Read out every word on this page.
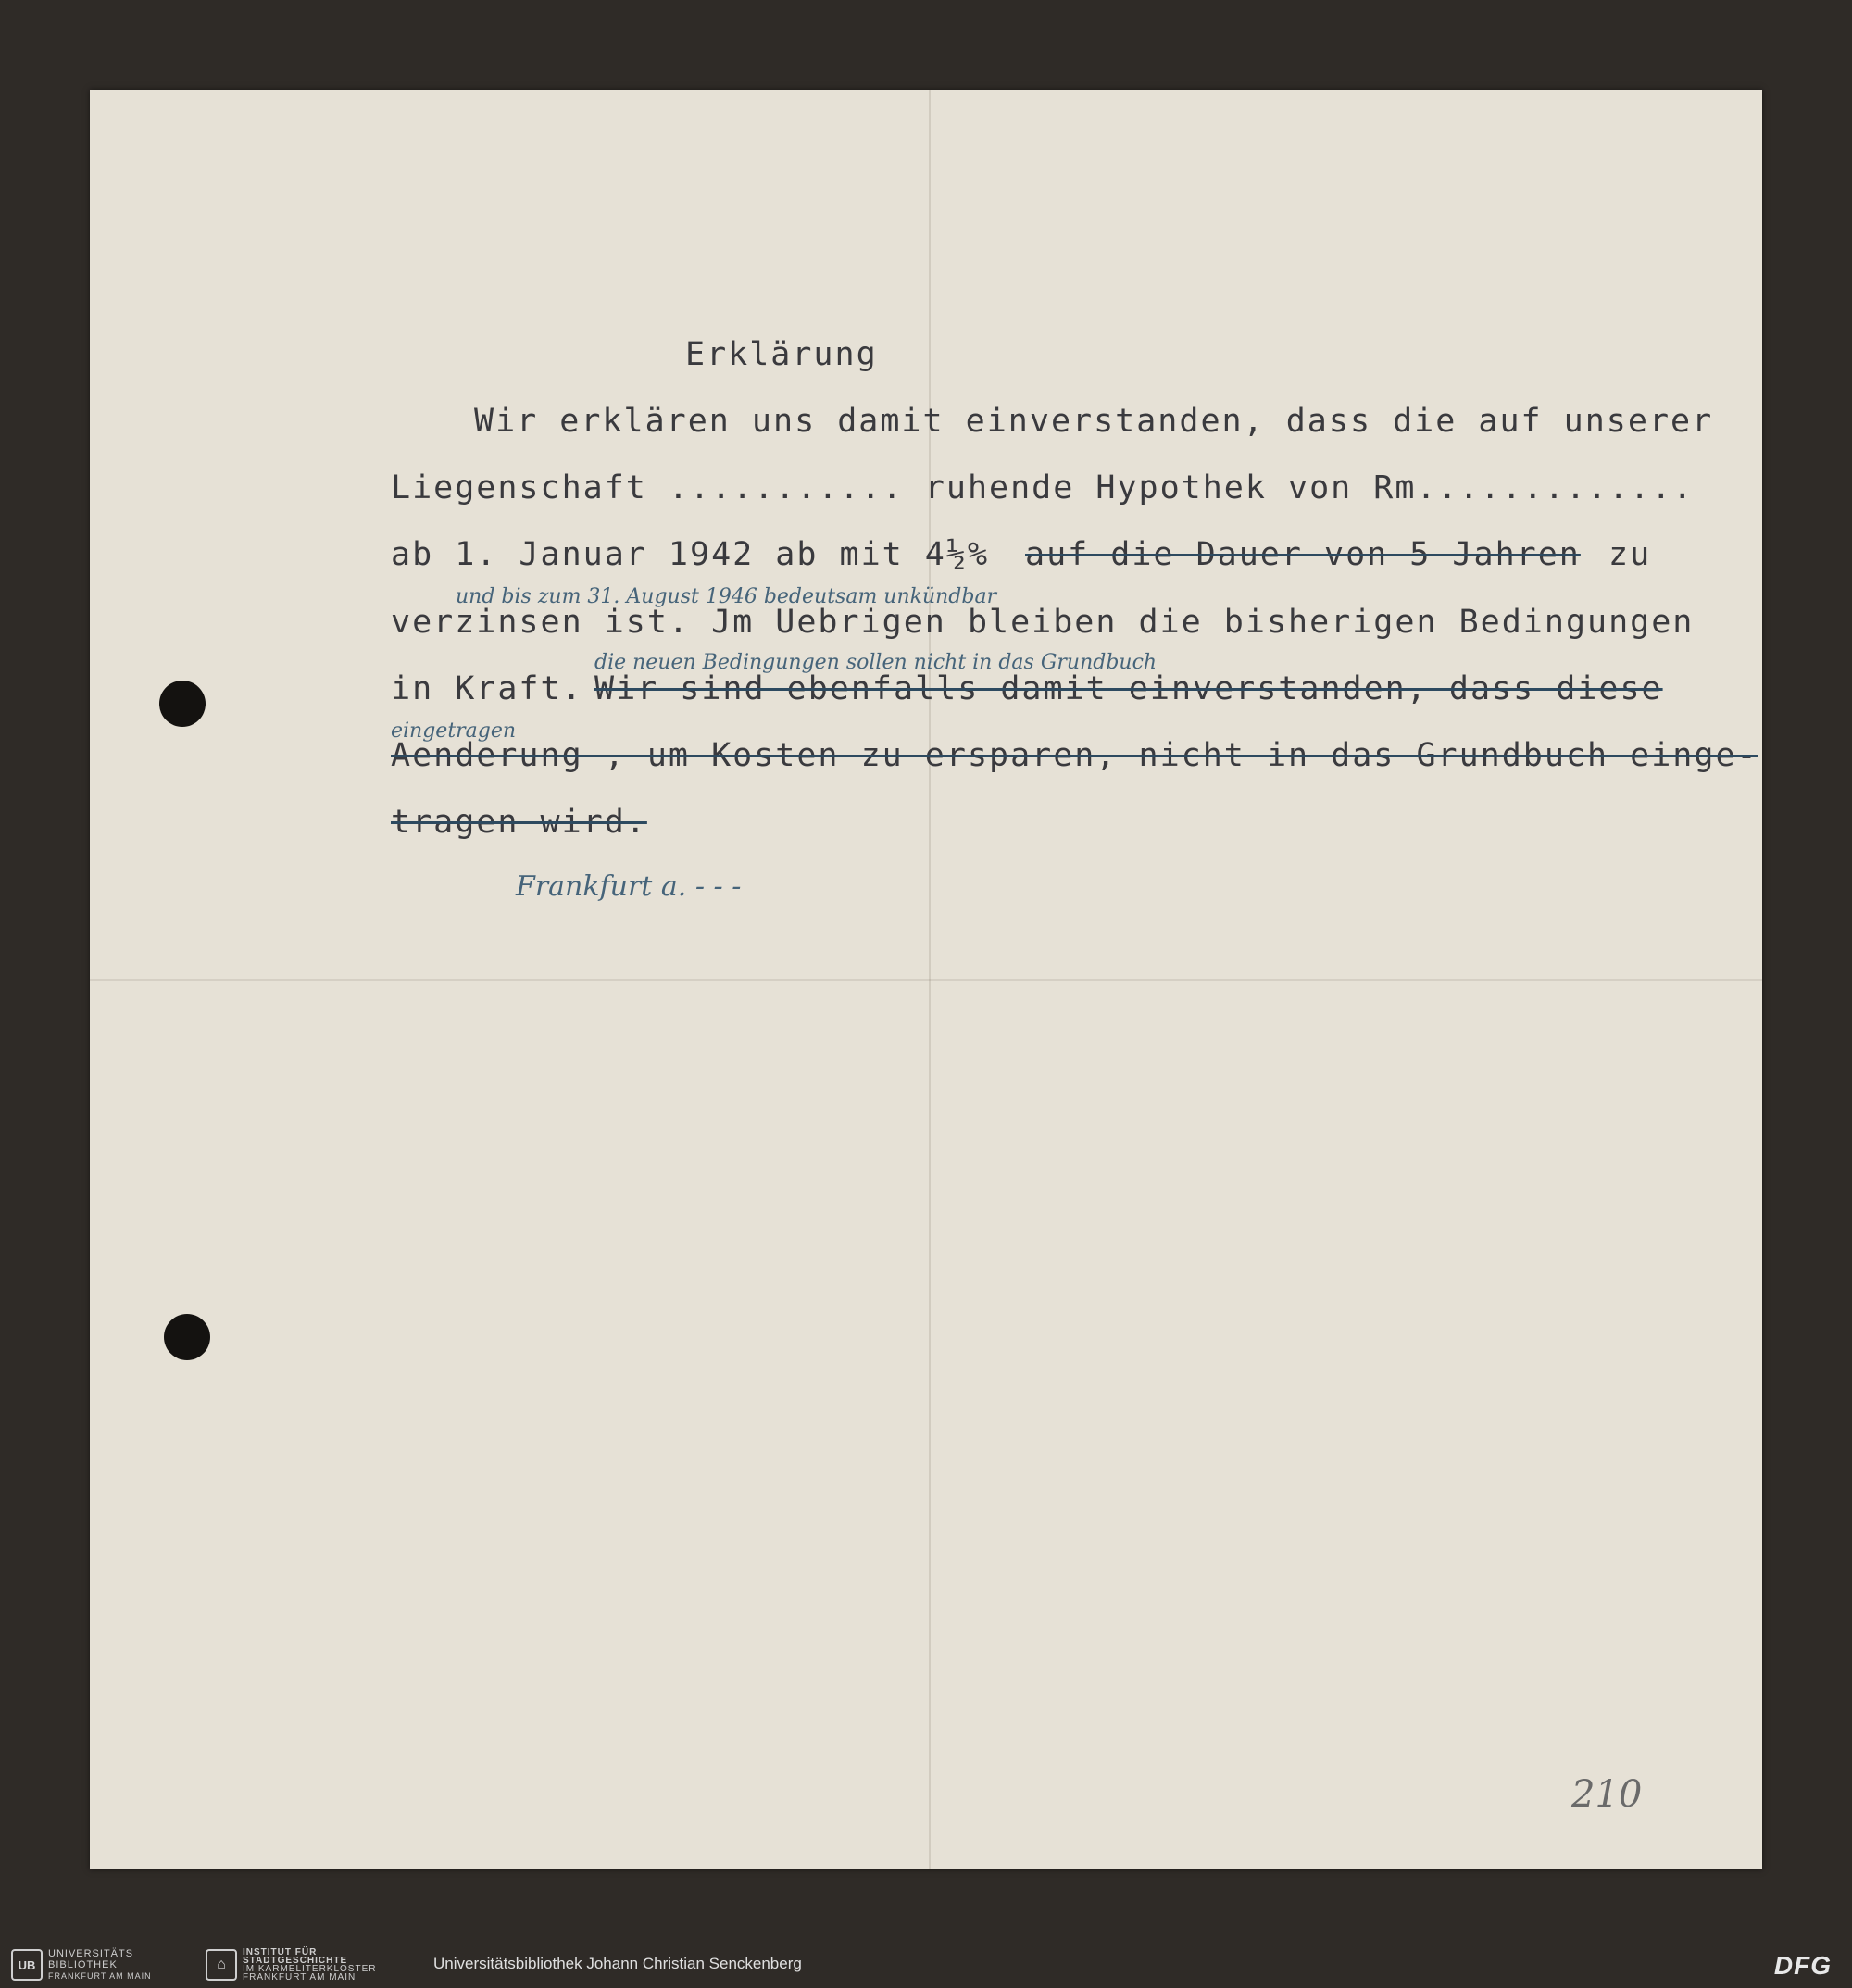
Erklärung
Wir erklären uns damit einverstanden, dass die auf unserer
Liegenschaft ........... ruhende Hypothek von Rm.............
ab 1. Januar 1942 ab mit 4½% auf die Dauer von 5 Jahren zu
und bis zum 31. August 1946 bedeutsam unkündbar
verzinsen ist. Jm Uebrigen bleiben die bisherigen Bedingungen
die neuen Bedingungen sollen nicht in das Grundbuch
in Kraft. Wir sind ebenfalls damit einverstanden, dass diese
eingetragen
Aenderung , um Kosten zu ersparen, nicht in das Grundbuch einge-
tragen wird.
Frankfurt a. - - -
210
UB
UNIVERSITÄTS
BIBLIOTHEK
FRANKFURT AM MAIN
⌂
INSTITUT FÜR
STADTGESCHICHTE
IM KARMELITERKLOSTER
FRANKFURT AM MAIN
Universitätsbibliothek Johann Christian Senckenberg	DFG
